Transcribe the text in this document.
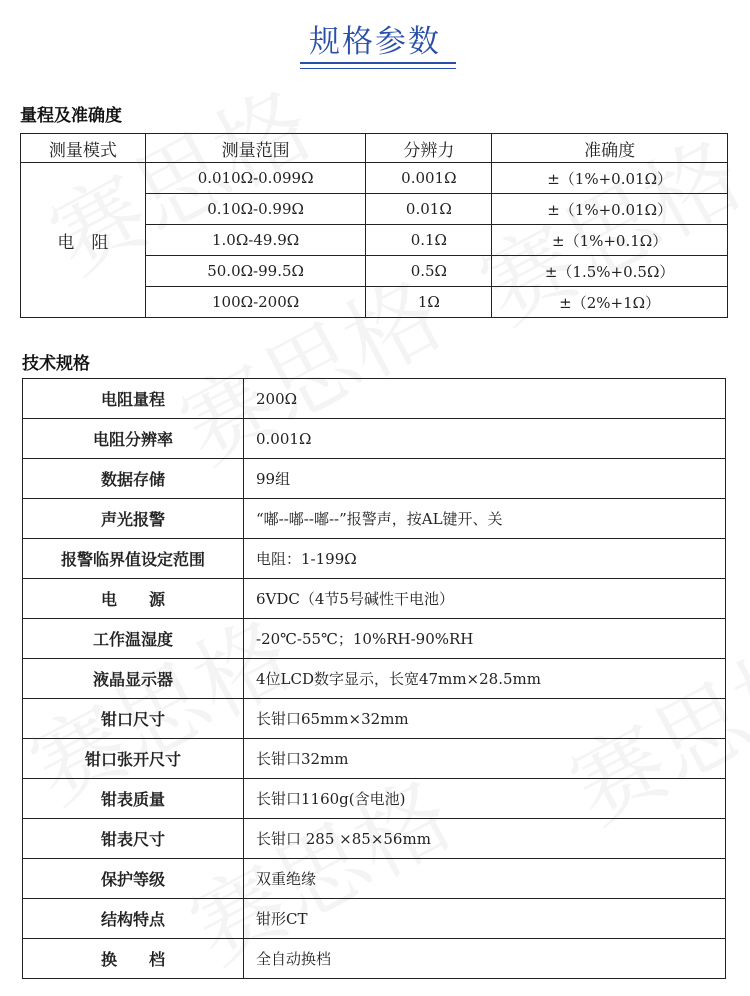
规格参数
量程及准确度
测量模式	测量范围	分辨力	准确度
电　阻	0.010Ω-0.099Ω	0.001Ω	±（1%+0.01Ω）
	0.10Ω-0.99Ω	0.01Ω	±（1%+0.01Ω）
	1.0Ω-49.9Ω	0.1Ω	±（1%+0.1Ω）
	50.0Ω-99.5Ω	0.5Ω	±（1.5%+0.5Ω）
	100Ω-200Ω	1Ω	±（2%+1Ω）
技术规格
电阻量程	200Ω
电阻分辨率	0.001Ω
数据存储	99组
声光报警	“嘟--嘟--嘟--”报警声，按AL键开、关
报警临界值设定范围	电阻：1-199Ω
电　　源	6VDC（4节5号碱性干电池）
工作温湿度	-20℃-55℃；10%RH-90%RH
液晶显示器	4位LCD数字显示，长宽47mm×28.5mm
钳口尺寸	长钳口65mm×32mm
钳口张开尺寸	长钳口32mm
钳表质量	长钳口1160g(含电池)
钳表尺寸	长钳口 285 ×85×56mm
保护等级	双重绝缘
结构特点	钳形CT
换　　档	全自动换档
